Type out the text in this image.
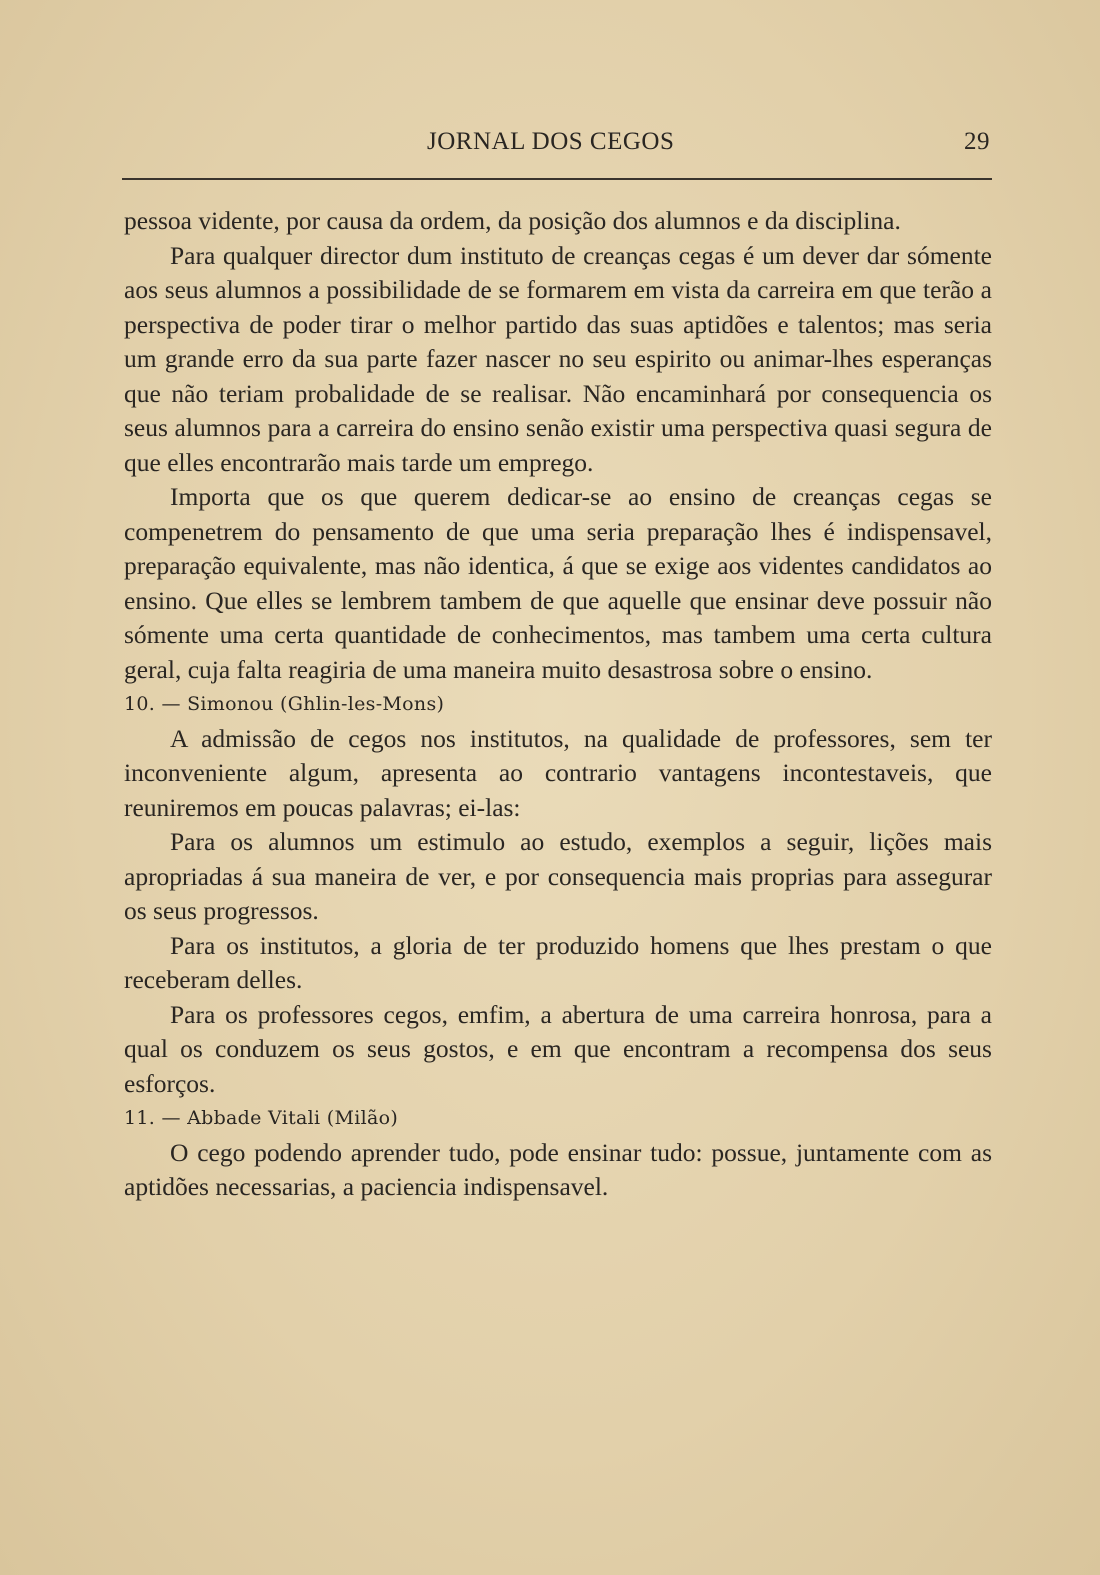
JORNAL DOS CEGOS	29

pessoa vidente, por causa da ordem, da posição dos alumnos e da disciplina.

Para qualquer director dum instituto de creanças cegas é um dever dar sómente aos seus alumnos a possibilidade de se formarem em vista da carreira em que terão a perspectiva de poder tirar o melhor partido das suas aptidões e talentos; mas seria um grande erro da sua parte fazer nascer no seu espirito ou animar-lhes esperanças que não teriam probalidade de se realisar. Não encaminhará por consequencia os seus alumnos para a carreira do ensino senão existir uma perspectiva quasi segura de que elles encontrarão mais tarde um emprego.

Importa que os que querem dedicar-se ao ensino de creanças cegas se compenetrem do pensamento de que uma seria preparação lhes é indispensavel, preparação equivalente, mas não identica, á que se exige aos videntes candidatos ao ensino. Que elles se lembrem tambem de que aquelle que ensinar deve possuir não sómente uma certa quantidade de conhecimentos, mas tambem uma certa cultura geral, cuja falta reagiria de uma maneira muito desastrosa sobre o ensino.

10. — Simonou (Ghlin-les-Mons)

A admissão de cegos nos institutos, na qualidade de professores, sem ter inconveniente algum, apresenta ao contrario vantagens incontestaveis, que reuniremos em poucas palavras; ei-las:

Para os alumnos um estimulo ao estudo, exemplos a seguir, lições mais apropriadas á sua maneira de ver, e por consequencia mais proprias para assegurar os seus progressos.

Para os institutos, a gloria de ter produzido homens que lhes prestam o que receberam delles.

Para os professores cegos, emfim, a abertura de uma carreira honrosa, para a qual os conduzem os seus gostos, e em que encontram a recompensa dos seus esforços.

11. — Abbade Vitali (Milão)

O cego podendo aprender tudo, pode ensinar tudo: possue, juntamente com as aptidões necessarias, a paciencia indispensavel.
